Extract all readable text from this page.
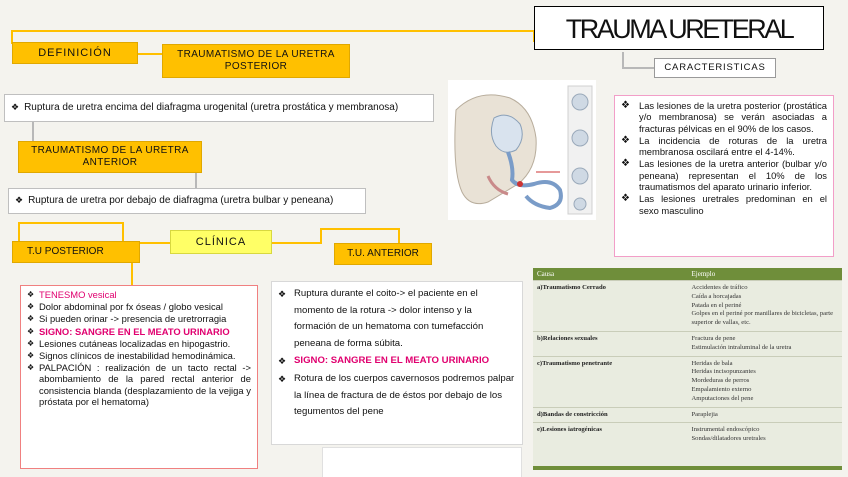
TRAUMA URETERAL
DEFINICIÓN	TRAUMATISMO DE LA URETRA POSTERIOR
❖ Ruptura de uretra encima del diafragma urogenital (uretra prostática y membranosa)
TRAUMATISMO DE LA URETRA ANTERIOR
❖ Ruptura de uretra por debajo de diafragma (uretra bulbar y peneana)
CLÍNICA
T.U POSTERIOR	T.U. ANTERIOR
❖ TENESMO vesical
❖ Dolor abdominal por fx óseas / globo vesical
❖ Si pueden orinar -> presencia de uretrorragia
❖ SIGNO: SANGRE EN EL MEATO URINARIO
❖ Lesiones cutáneas localizadas en hipogastrio.
❖ Signos clínicos de inestabilidad hemodinámica.
❖ PALPACIÓN : realización de un tacto rectal -> abombamiento de la pared rectal anterior de consistencia blanda (desplazamiento de la vejiga y próstata por el hematoma)
❖ Ruptura durante el coito-> el paciente en el momento de la rotura -> dolor intenso y la formación de un hematoma con tumefacción peneana de forma súbita.
❖ SIGNO: SANGRE EN EL MEATO URINARIO
❖ Rotura de los cuerpos cavernosos podremos palpar la línea de fractura de de éstos por debajo de los tegumentos del pene
CARACTERISTICAS
❖ Las lesiones de la uretra posterior (prostática y/o membranosa) se verán asociadas a fracturas pélvicas en el 90% de los casos.
❖ La incidencia de roturas de la uretra membranosa oscilará entre el 4-14%.
❖ Las lesiones de la uretra anterior (bulbar y/o peneana) representan el 10% de los traumatismos del aparato urinario inferior.
❖ Las lesiones uretrales predominan en el sexo masculino
Causa	Ejemplo
a)Traumatismo Cerrado	Accidentes de tráfico
Caída a horcajadas
Patada en el periné
Golpes en el periné por manillares de bicicletas, parte superior de vallas, etc.

b)Relaciones sexuales	Fractura de pene
Estimulación intraluminal de la uretra

c)Traumatismo penetrante	Heridas de bala
Heridas incisopunzantes
Mordeduras de perros
Empalamiento externo
Amputaciones del pene

d)Bandas de constricción	Paraplejia

e)Lesiones iatrogénicas	Instrumental endoscópico
Sondas/dilatadores uretrales
